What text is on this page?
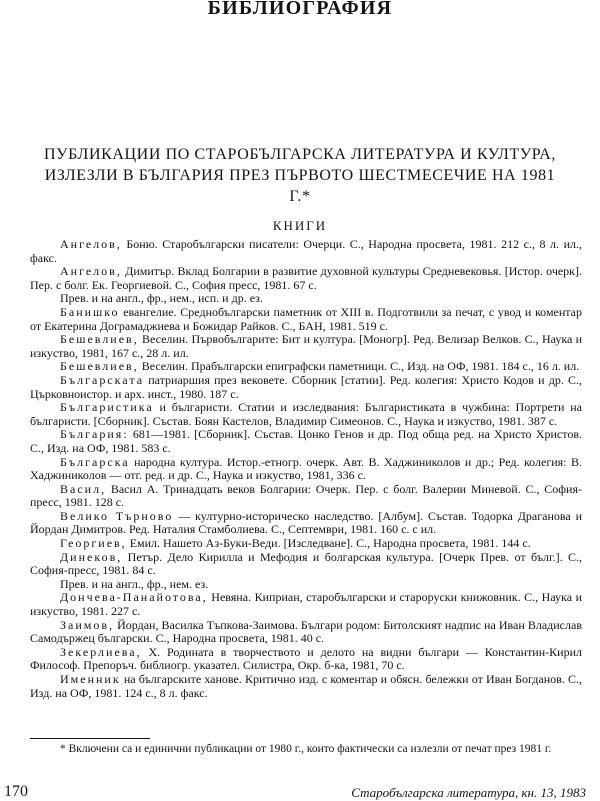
БИБЛИОГРАФИЯ
ПУБЛИКАЦИИ ПО СТАРОБЪЛГАРСКА ЛИТЕРАТУРА И КУЛТУРА, ИЗЛЕЗЛИ В БЪЛГАРИЯ ПРЕЗ ПЪРВОТО ШЕСТМЕСЕЧИЕ НА 1981 Г.*
КНИГИ

Ангелов, Боню. Старобългарски писатели: Очерци. С., Народна просвета, 1981. 212 с., 8 л. ил., факс.

Ангелов, Димитър. Вклад Болгарии в развитие духовной культуры Средневековья. [Истор. очерк]. Пер. с болг. Ек. Георгиевой. С., София пресс, 1981. 67 с.

Прев. и на англ., фр., нем., исп. и др. ез.

Банишко евангелие. Среднобългарски паметник от XIII в. Подготвили за печат, с увод и коментар от Екатерина Дограмаджиева и Божидар Райков. С., БАН, 1981. 519 с.

Бешевлиев, Веселин. Първобългарите: Бит и култура. [Моногр]. Ред. Велизар Велков. С., Наука и изкуство, 1981, 167 с., 28 л. ил.

Бешевлиев, Веселин. Прабългарски епиграфски паметници. С., Изд. на ОФ, 1981. 184 с., 16 л. ил.

Българската патриаршия през вековете. Сборник [статии]. Ред. колегия: Христо Кодов и др. С., Църковноистор. и арх. инст., 1980. 187 с.

Българистика и българисти. Статии и изследвания: Българистиката в чужбина: Портрети на българисти. [Сборник]. Състав. Боян Кастелов, Владимир Симеонов. С., Наука и изкуство, 1981. 387 с.

България: 681—1981. [Сборник]. Състав. Цонко Генов и др. Под обща ред. на Христо Христов. С., Изд. на ОФ, 1981. 583 с.

Българска народна култура. Истор.-етногр. очерк. Авт. В. Хаджиниколов и др.; Ред. колегия: В. Хаджиниколов — отг. ред. и др. С., Наука и изкуство, 1981, 336 с.

Васил, Васил А. Тринадцать веков Болгарии: Очерк. Пер. с болг. Валерии Миневой. С., София-пресс, 1981. 128 с.

Велико Търново — културно-историческо наследство. [Албум]. Състав. Тодорка Драганова и Йордан Димитров. Ред. Наталия Стамболиева. С., Септември, 1981. 160 с. с ил.

Георгиев, Емил. Нашето Аз-Буки-Веди. [Изследване]. С., Народна просвета, 1981. 144 с.

Динеков, Петър. Дело Кирилла и Мефодия и болгарская культура. [Очерк Прев. от бълг.]. С., София-пресс, 1981. 84 с.

Прев. и на англ., фр., нем. ез.

Дончева-Панайотова, Невяна. Киприан, старобългарски и староруски книжовник. С., Наука и изкуство, 1981. 227 с.

Заимов, Йордан, Василка Тъпкова-Заимова. Българи родом: Битолският надпис на Иван Владислав Самодържец български. С., Народна просвета, 1981. 40 с.

Зекерлиева, Х. Родината в творчеството и делото на видни българи — Константин-Кирил Философ. Препоръч. библиогр. указател. Силистра, Окр. б-ка, 1981, 70 с.

Именник на българските ханове. Критично изд. с коментар и обясн. бележки от Иван Богданов. С., Изд. на ОФ, 1981. 124 с., 8 л. факс.

* Включени са и единични публикации от 1980 г., които фактически са излезли от печат през 1981 г.
170	Старобългарска литература, кн. 13, 1983
